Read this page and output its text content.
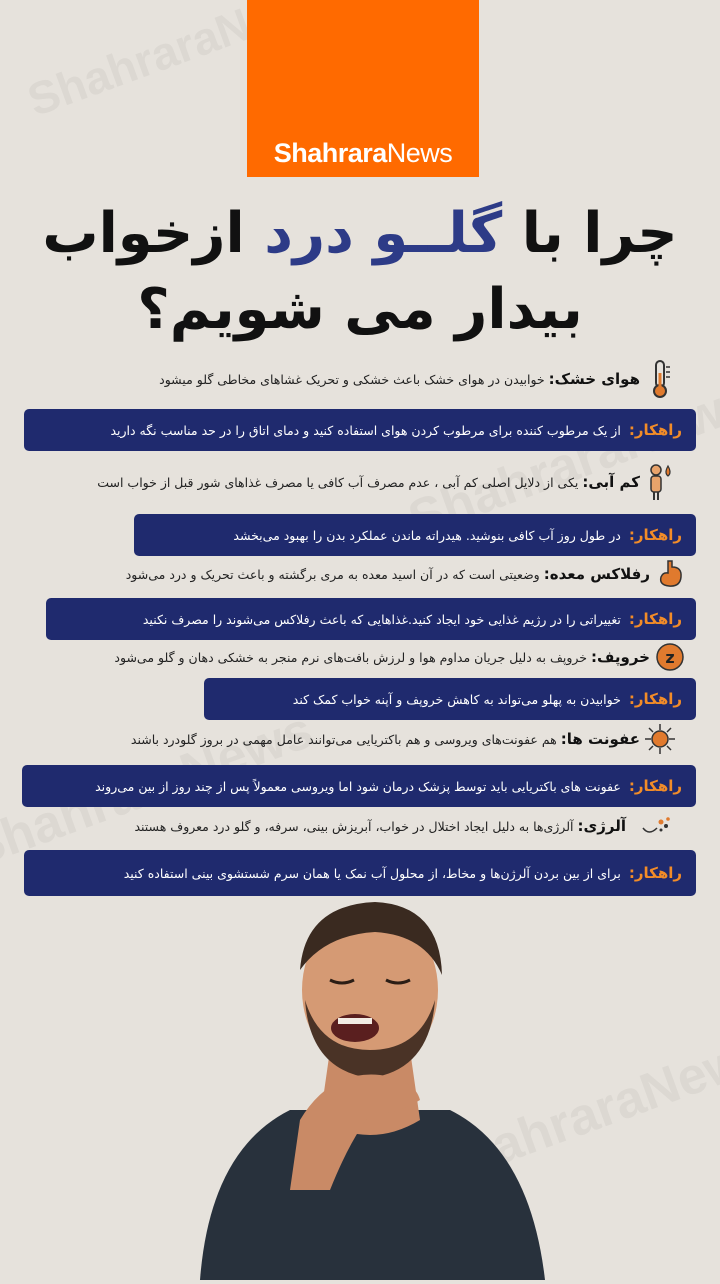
ShahraraNews
چرا با گلــو درد ازخواب
بیدار می شویم؟
هوای خشک:
خوابیدن در هوای خشک باعث خشکی و تحریک غشاهای مخاطی گلو میشود
راهکار:
از یک مرطوب کننده برای مرطوب کردن هوای استفاده کنید و دمای اتاق را در حد مناسب نگه دارید
کم آبی:
یکی از دلایل اصلی کم آبی ، عدم مصرف آب کافی یا مصرف غذاهای شور قبل از خواب است
راهکار:
در طول روز آب کافی بنوشید. هیدراته ماندن عملکرد بدن را بهبود می‌بخشد
رفلاکس معده:
وضعیتی است که در آن اسید معده به مری برگشته و باعث تحریک و درد می‌شود
راهکار:
تغییراتی را در رژیم غذایی خود ایجاد کنید.غذاهایی که باعث رفلاکس می‌شوند را مصرف نکنید
z
خروپف:
خروپف به دلیل جریان مداوم هوا و لرزش بافت‌های نرم منجر به خشکی دهان و گلو می‌شود
راهکار:
خوابیدن به پهلو می‌تواند به کاهش خروپف و آپنه خواب کمک کند
عفونت ها:
هم عفونت‌های ویروسی و هم باکتریایی می‌توانند عامل مهمی در بروز گلودرد باشند
راهکار:
عفونت های باکتریایی باید توسط پزشک درمان شود اما ویروسی معمولاً پس از چند روز از بین می‌روند
آلرژی:
آلرژی‌ها به دلیل ایجاد اختلال در خواب، آبریزش بینی، سرفه، و گلو درد معروف هستند
راهکار:
برای از بین بردن آلرژن‌ها و مخاط، از محلول آب نمک یا همان سرم شستشوی بینی استفاده کنید
